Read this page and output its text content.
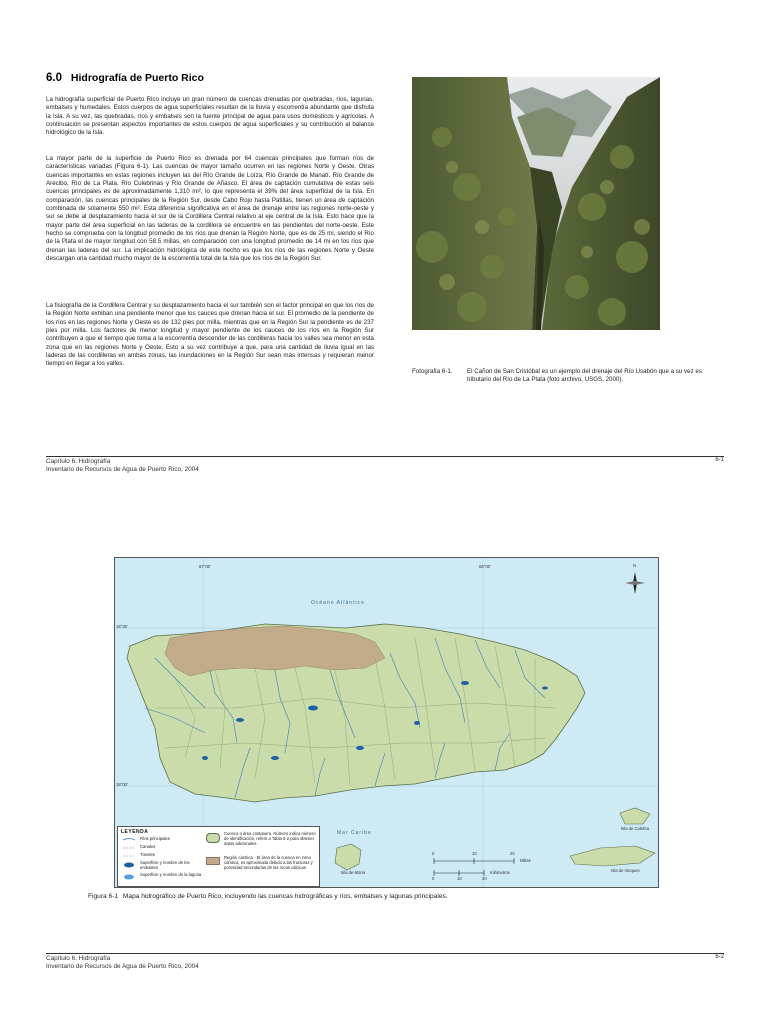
6.0 Hidrografía de Puerto Rico

La hidrografía superficial de Puerto Rico incluye un gran número de cuencas drenadas por quebradas, ríos, lagunas, embalses y humedales. Estos cuerpos de agua superficiales resultan de la lluvia y escorrentía abundante que disfruta la Isla. A su vez, las quebradas, ríos y embalses son la fuente principal de agua para usos domésticos y agrícolas. A continuación se presentan aspectos importantes de estos cuerpos de agua superficiales y su contribución al balance hidrológico de la Isla.

La mayor parte de la superficie de Puerto Rico es drenada por 64 cuencas principales que forman ríos de características variadas (Figura 6-1). Las cuencas de mayor tamaño ocurren en las regiones Norte y Oeste. Otras cuencas importantes en estas regiones incluyen las del Río Grande de Loíza, Río Grande de Manatí, Río Grande de Arecibo, Río de La Plata, Río Culebrinas y Río Grande de Añasco. El área de captación cumulativa de estas seis cuencas principales es de aproximadamente 1,310 mi², lo que representa el 39% del área superficial de la Isla. En comparación, las cuencas principales de la Región Sur, desde Cabo Rojo hasta Patillas, tienen un área de captación combinada de solamente 550 mi². Esta diferencia significativa en el área de drenaje entre las regiones norte-oeste y sur se debe al desplazamiento hacia el sur de la Cordillera Central relativo al eje central de la Isla. Esto hace que la mayor parte del área superficial en las laderas de la cordillera se encuentre en las pendientes del norte-oeste. Este hecho se comprueba con la longitud promedio de los ríos que drenan la Región Norte, que es de 25 mi, siendo el Río de la Plata el de mayor longitud con 58.5 millas, en comparación con una longitud promedio de 14 mi en los ríos que drenan las laderas del sur. La implicación hidrológica de este hecho es que los ríos de las regiones Norte y Oeste descargan una cantidad mucho mayor de la escorrentía total de la Isla que los ríos de la Región Sur.

La fisiografía de la Cordillera Central y su desplazamiento hacia el sur también son el factor principal en que los ríos de la Región Norte exhiban una pendiente menor que los cauces que drenan hacia el sur. El promedio de la pendiente de los ríos en las regiones Norte y Oeste es de 132 pies por milla, mientras que en la Región Sur la pendiente es de 237 pies por milla. Los factores de menor longitud y mayor pendiente de los cauces de los ríos en la Región Sur contribuyen a que el tiempo que toma a la escorrentía descender de las cordilleras hacia los valles sea menor en esta zona que en las regiones Norte y Oeste. Esto a su vez contribuye a que, para una cantidad de lluvia igual en las laderas de las cordilleras en ambas zonas, las inundaciones en la Región Sur sean más intensas y requieran menor tiempo en llegar a los valles.

Fotografía 6-1. El Cañon de San Cristóbal es un ejemplo del drenaje del Río Usabón que a su vez es tributario del Río de La Plata (foto archivo, USGS, 2000).
Capítulo 6. Hidrografía
Inventario de Recursos de Agua de Puerto Rico, 2004
6-1
Océano Atlántico
Mar Caribe
67°00'	66°00'
18°30'
18°00'
Isla de Mona
Isla de Culebra
Isla de Vieques
N
0	10	20
Millas
0	10	20
Kilómetros
LEYENDA
Ríos principales
Canales
Túneles
Superficie y nombre de los embalses
Superficie y nombre de la laguna
Cuenca o área costanera. Número indica número de identificación, referir a Tabla 6-2 para obtener datos adicionales.
Región cárstica - El área de la cuenca en zona cárstica, es aproximada debido a las fracturas y porosidad secundarias de las rocas cálcicas.
Figura 6-1 Mapa hidrográfico de Puerto Rico, incluyendo las cuencas hidrográficas y ríos, embalses y lagunas principales.
Capítulo 6. Hidrografía
Inventario de Recursos de Agua de Puerto Rico, 2004
6-2
